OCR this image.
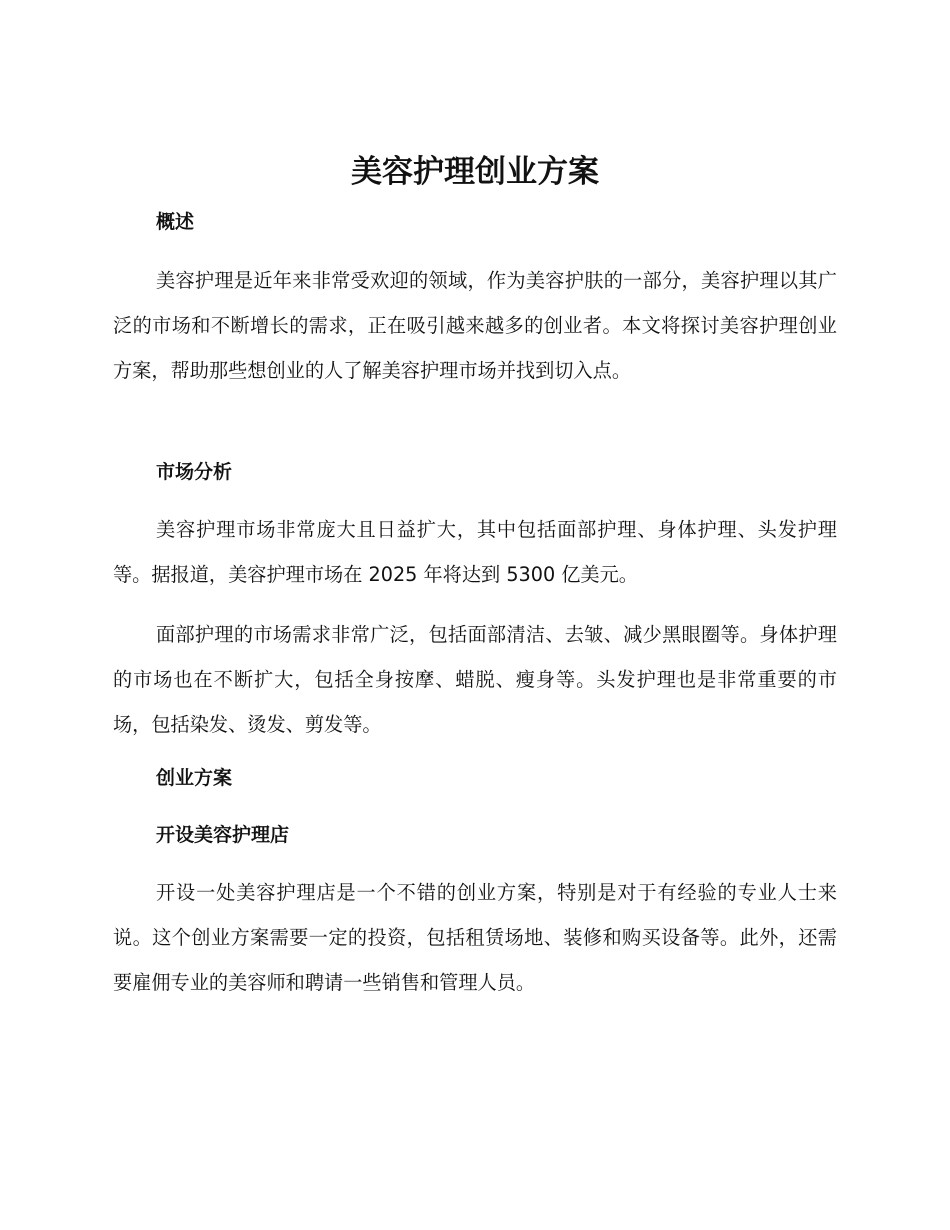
美容护理创业方案
概述

美容护理是近年来非常受欢迎的领域，作为美容护肤的一部分，美容护理以其广泛的市场和不断增长的需求，正在吸引越来越多的创业者。本文将探讨美容护理创业方案，帮助那些想创业的人了解美容护理市场并找到切入点。

市场分析

美容护理市场非常庞大且日益扩大，其中包括面部护理、身体护理、头发护理等。据报道，美容护理市场在 2025 年将达到 5300 亿美元。

面部护理的市场需求非常广泛，包括面部清洁、去皱、减少黑眼圈等。身体护理的市场也在不断扩大，包括全身按摩、蜡脱、瘦身等。头发护理也是非常重要的市场，包括染发、烫发、剪发等。

创业方案
开设美容护理店

开设一处美容护理店是一个不错的创业方案，特别是对于有经验的专业人士来说。这个创业方案需要一定的投资，包括租赁场地、装修和购买设备等。此外，还需要雇佣专业的美容师和聘请一些销售和管理人员。
